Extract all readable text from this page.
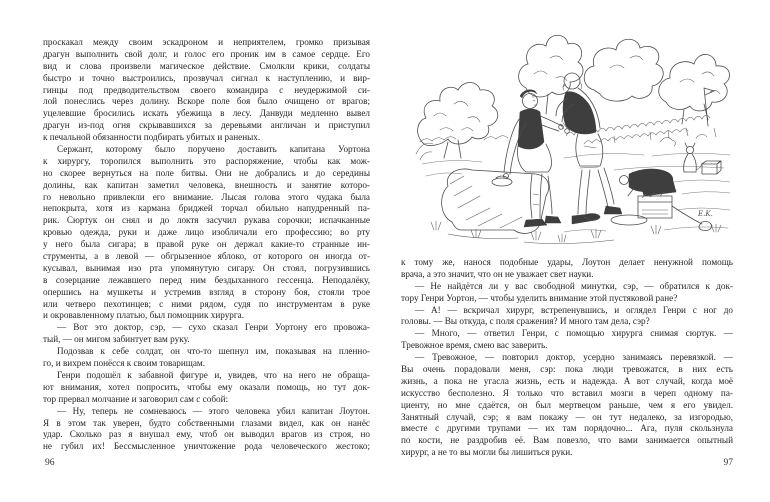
проскакал между своим эскадроном и неприятелем, громко призывая
драгун выполнить свой долг, и голос его проник им в самое сердце. Его
вид и слова произвели магическое действие. Смолкли крики, солдаты
быстро и точно выстроились, прозвучал сигнал к наступлению, и вир-
гинцы под предводительством своего командира с неудержимой си-
лой понеслись через долину. Вскоре поле боя было очищено от врагов;
уцелевшие бросились искать убежища в лесу. Данвуди медленно вывел
драгун из-под огня скрывавшихся за деревьями англичан и приступил
к печальной обязанности подбирать убитых и раненых.
Сержант, которому было поручено доставить капитана Уортона
к хирургу, торопился выполнить это распоряжение, чтобы как мож-
но скорее вернуться на поле битвы. Они не добрались и до середины
долины, как капитан заметил человека, внешность и занятие которо-
го невольно привлекли его внимание. Лысая голова этого чудака была
непокрыта, хотя из кармана бриджей торчал обильно напудренный па-
рик. Сюртук он снял и до локтя засучил рукава сорочки; испачканные
кровью одежда, руки и даже лицо изобличали его профессию; во рту
у него была сигара; в правой руке он держал какие-то странные ин-
струменты, а в левой — обгрызенное яблоко, от которого он иногда от-
кусывал, вынимая изо рта упомянутую сигару. Он стоял, погрузившись
в созерцание лежавшего перед ним бездыханного гессенца. Неподалёку,
опершись на мушкеты и устремив взгляд в сторону боя, стояли трое
или четверо пехотинцев; с ними рядом, судя по инструментам в руке
и окровавленному платью, был помощник хирурга.
— Вот это доктор, сэр, — сухо сказал Генри Уортону его провожа-
тый, — он мигом забинтует вам руку.
Подозвав к себе солдат, он что-то шепнул им, показывая на пленно-
го, и вихрем понёсся к своим товарищам.
Генри подошёл к забавной фигуре и, увидев, что на него не обраща-
ют внимания, хотел попросить, чтобы ему оказали помощь, но тут док-
тор прервал молчание и заговорил сам с собой:
— Ну, теперь не сомневаюсь — этого человека убил капитан Лоутон.
Я в этом так уверен, будто собственными глазами видел, как он нанёс
удар. Сколько раз я внушал ему, чтоб он выводил врагов из строя, но
не губил их! Бессмысленное уничтожение рода человеческого жестоко;
96
E.K.
к тому же, нанося подобные удары, Лоутон делает ненужной помощь
врача, а это значит, что он не уважает свет науки.
— Не найдётся ли у вас свободной минутки, сэр, — обратился к док-
тору Генри Уортон, — чтобы уделить внимание этой пустяковой ране?
— А! — вскричал хирург, встрепенувшись, и оглядел Генри с ног до
головы. — Вы откуда, с поля сражения? И много там дела, сэр?
— Много, — ответил Генри, с помощью хирурга снимая сюртук. —
Тревожное время, смею вас заверить.
— Тревожное, — повторил доктор, усердно занимаясь перевязкой. —
Вы очень порадовали меня, сэр: пока люди тревожатся, в них есть
жизнь, а пока не угасла жизнь, есть и надежда. А вот случай, когда моё
искусство бесполезно. Я только что вставил мозги в череп одному па-
циенту, но мне сдаётся, он был мертвецом раньше, чем я его увидел.
Занятный случай, сэр; я вам покажу — он тут недалеко, за изгородью,
вместе с другими трупами — их там порядочно... Ага, пуля скользнула
по кости, не раздробив её. Вам повезло, что вами занимается опытный
хирург, а не то вы могли бы лишиться руки.
97
